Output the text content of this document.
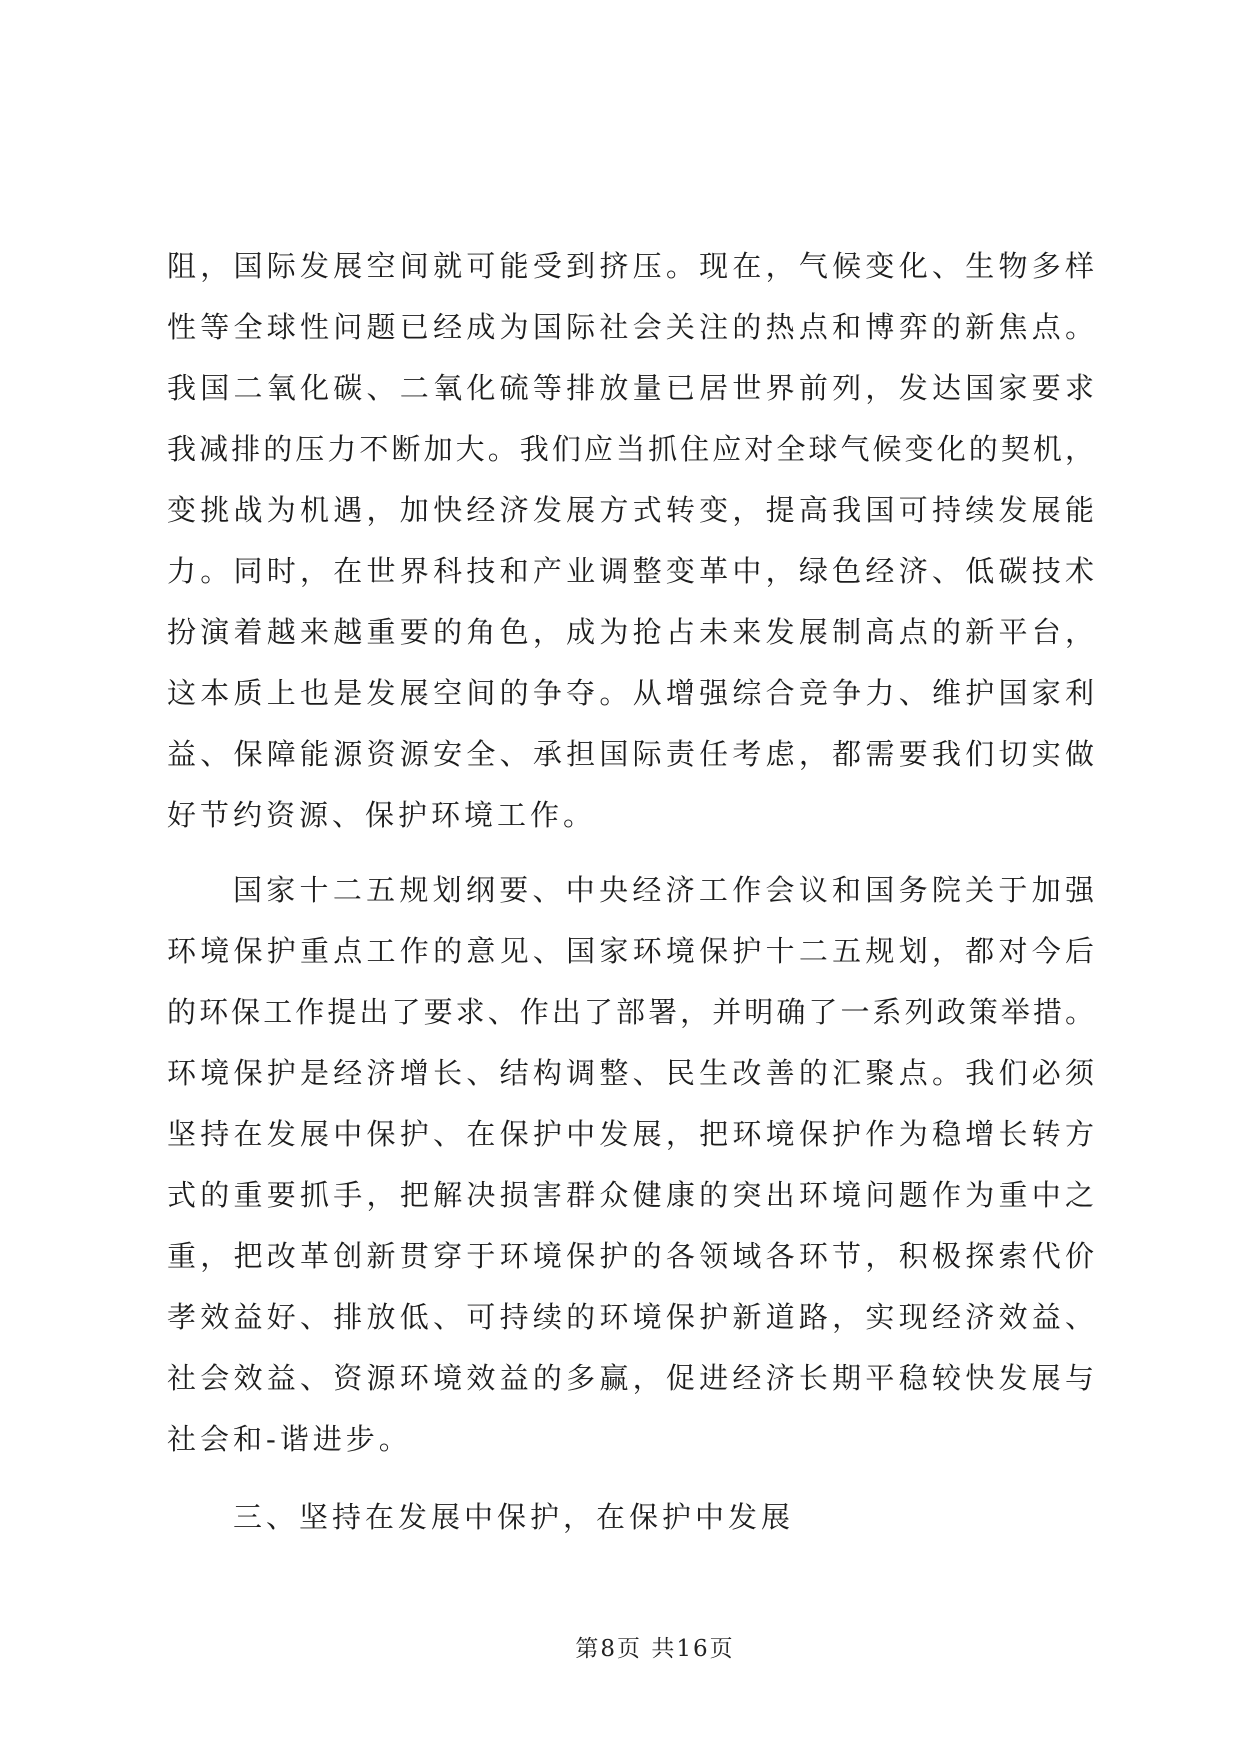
阻，国际发展空间就可能受到挤压。现在，气候变化、生物多样
性等全球性问题已经成为国际社会关注的热点和博弈的新焦点。
我国二氧化碳、二氧化硫等排放量已居世界前列，发达国家要求
我减排的压力不断加大。我们应当抓住应对全球气候变化的契机，
变挑战为机遇，加快经济发展方式转变，提高我国可持续发展能
力。同时，在世界科技和产业调整变革中，绿色经济、低碳技术
扮演着越来越重要的角色，成为抢占未来发展制高点的新平台，
这本质上也是发展空间的争夺。从增强综合竞争力、维护国家利
益、保障能源资源安全、承担国际责任考虑，都需要我们切实做
好节约资源、保护环境工作。
国家十二五规划纲要、中央经济工作会议和国务院关于加强
环境保护重点工作的意见、国家环境保护十二五规划，都对今后
的环保工作提出了要求、作出了部署，并明确了一系列政策举措。
环境保护是经济增长、结构调整、民生改善的汇聚点。我们必须
坚持在发展中保护、在保护中发展，把环境保护作为稳增长转方
式的重要抓手，把解决损害群众健康的突出环境问题作为重中之
重，把改革创新贯穿于环境保护的各领域各环节，积极探索代价
孝效益好、排放低、可持续的环境保护新道路，实现经济效益、
社会效益、资源环境效益的多赢，促进经济长期平稳较快发展与
社会和-谐进步。
三、坚持在发展中保护，在保护中发展
第8页 共16页
